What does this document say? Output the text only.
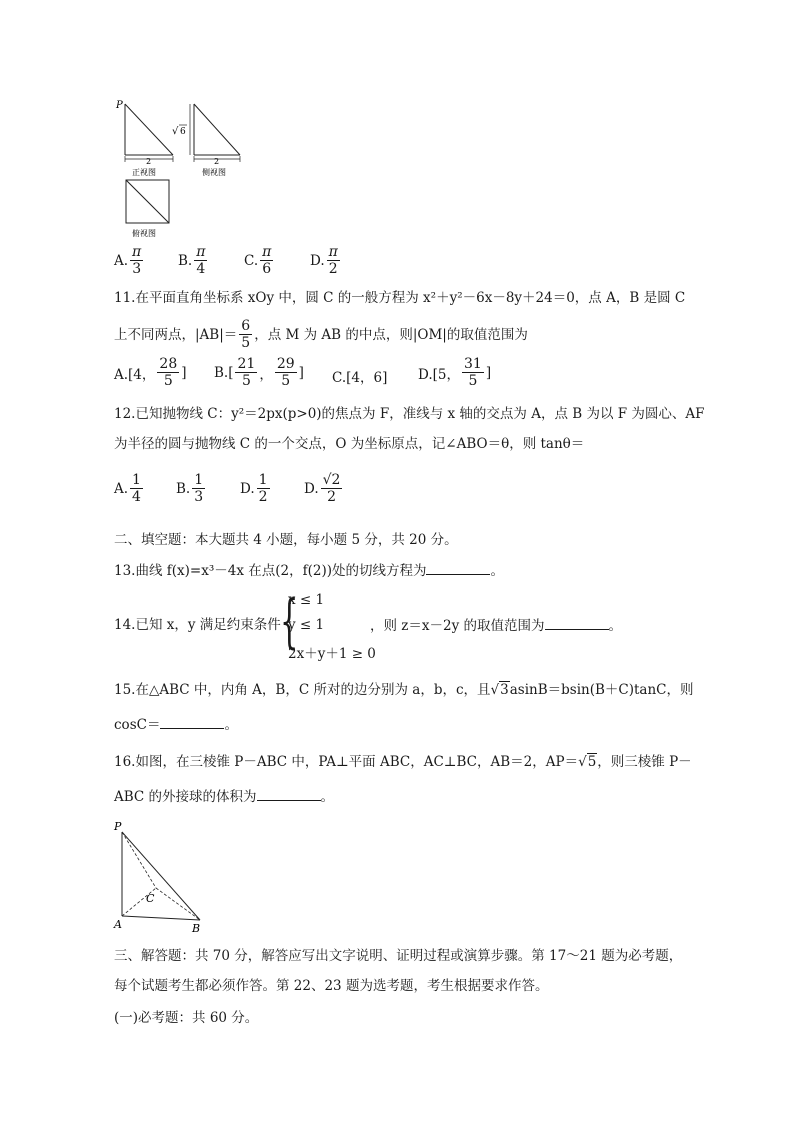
P
2
正视图
√ 6
2
侧视图
俯视图
A. $\frac{\pi}{3}$	B. $\frac{\pi}{4}$	C. $\frac{\pi}{6}$	D. $\frac{\pi}{2}$
11.在平面直角坐标系 xOy 中，圆 C 的一般方程为 x²＋y²－6x－8y＋24＝0，点 A，B 是圆 C
上不同两点，$|AB|= \frac{6}{5}$ ，点 M 为 AB 的中点，则|OM|的取值范围为
A.[4， $\frac{28}{5}$ ] $B.[ \frac{21}{5}$ ， $\frac{29}{5}$ ] C.[4，6] D.[5， $\frac{31}{5}$ ]
12.已知抛物线 C：y²＝2px(p>0)的焦点为 F，准线与 x 轴的交点为 A，点 B 为以 F 为圆心、AF
为半径的圆与抛物线 C 的一个交点，O 为坐标原点，记∠ABO＝θ，则 tanθ＝
A. $\frac{1}{4} B$. $\frac{1}{3}$	D. $\frac{1}{2}$	D. $\frac{√2}{2}$
二、填空题：本大题共 4 小题，每小题 5 分，共 20 分。
13.曲线 f(x)=x³－4x 在点(2，f(2))处的切线方程为	。
14.已知 x，y 满足约束条件 {
x ≤ 1
y ≤ 1
2x＋y＋1 ≥ 0
，则 z＝x－2y 的取值范围为	。
15.在△ABC 中，内角 A，B，C 所对的边分别为 a，b，c，且√3asinB＝bsin(B＋C)tanC，则
cosC＝	。
16.如图，在三棱锥 P－ABC 中，PA⊥平面 ABC，AC⊥BC，AB＝2，AP＝√5，则三棱锥 P－
ABC 的外接球的体积为	。
P
A	B
C
三、解答题：共 70 分，解答应写出文字说明、证明过程或演算步骤。第 17～21 题为必考题，
每个试题考生都必须作答。第 22、23 题为选考题，考生根据要求作答。
(一)必考题：共 60 分。
